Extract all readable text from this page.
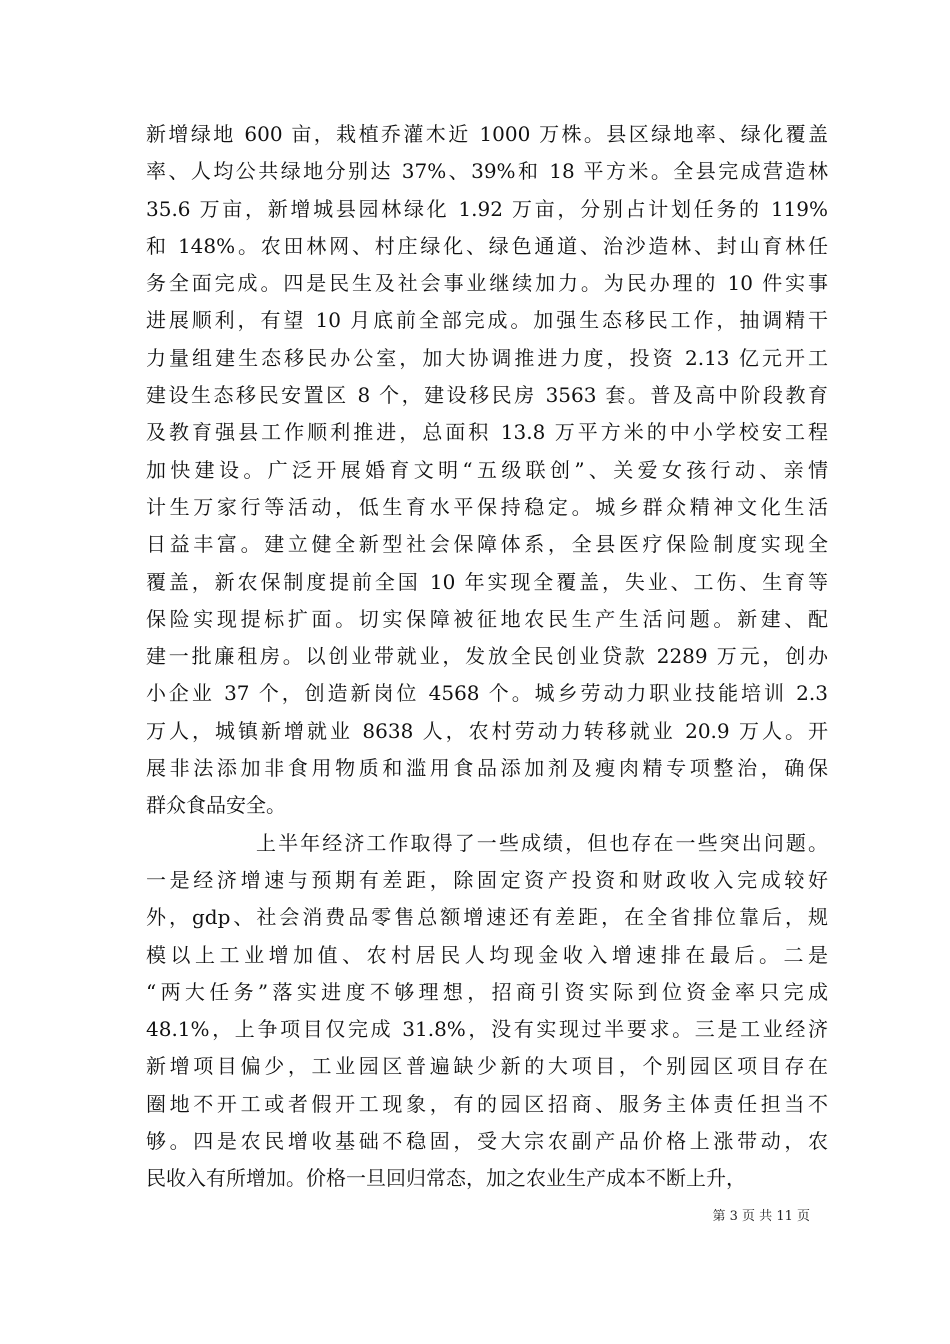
新增绿地 600 亩，栽植乔灌木近 1000 万株。县区绿地率、绿化覆盖
率、人均公共绿地分别达 37%、39%和 18 平方米。全县完成营造林
35.6 万亩，新增城县园林绿化 1.92 万亩，分别占计划任务的 119%
和 148%。农田林网、村庄绿化、绿色通道、治沙造林、封山育林任
务全面完成。四是民生及社会事业继续加力。为民办理的 10 件实事
进展顺利，有望 10 月底前全部完成。加强生态移民工作，抽调精干
力量组建生态移民办公室，加大协调推进力度，投资 2.13 亿元开工
建设生态移民安置区 8 个，建设移民房 3563 套。普及高中阶段教育
及教育强县工作顺利推进，总面积 13.8 万平方米的中小学校安工程
加快建设。广泛开展婚育文明“五级联创”、关爱女孩行动、亲情
计生万家行等活动，低生育水平保持稳定。城乡群众精神文化生活
日益丰富。建立健全新型社会保障体系，全县医疗保险制度实现全
覆盖，新农保制度提前全国 10 年实现全覆盖，失业、工伤、生育等
保险实现提标扩面。切实保障被征地农民生产生活问题。新建、配
建一批廉租房。以创业带就业，发放全民创业贷款 2289 万元，创办
小企业 37 个，创造新岗位 4568 个。城乡劳动力职业技能培训 2.3
万人，城镇新增就业 8638 人，农村劳动力转移就业 20.9 万人。开
展非法添加非食用物质和滥用食品添加剂及瘦肉精专项整治，确保
群众食品安全。
上半年经济工作取得了一些成绩，但也存在一些突出问题。
一是经济增速与预期有差距，除固定资产投资和财政收入完成较好
外，gdp、社会消费品零售总额增速还有差距，在全省排位靠后，规
模以上工业增加值、农村居民人均现金收入增速排在最后。二是
“两大任务”落实进度不够理想，招商引资实际到位资金率只完成
48.1%，上争项目仅完成 31.8%，没有实现过半要求。三是工业经济
新增项目偏少，工业园区普遍缺少新的大项目，个别园区项目存在
圈地不开工或者假开工现象，有的园区招商、服务主体责任担当不
够。四是农民增收基础不稳固，受大宗农副产品价格上涨带动，农
民收入有所增加。价格一旦回归常态，加之农业生产成本不断上升，
第 3 页 共 11 页
